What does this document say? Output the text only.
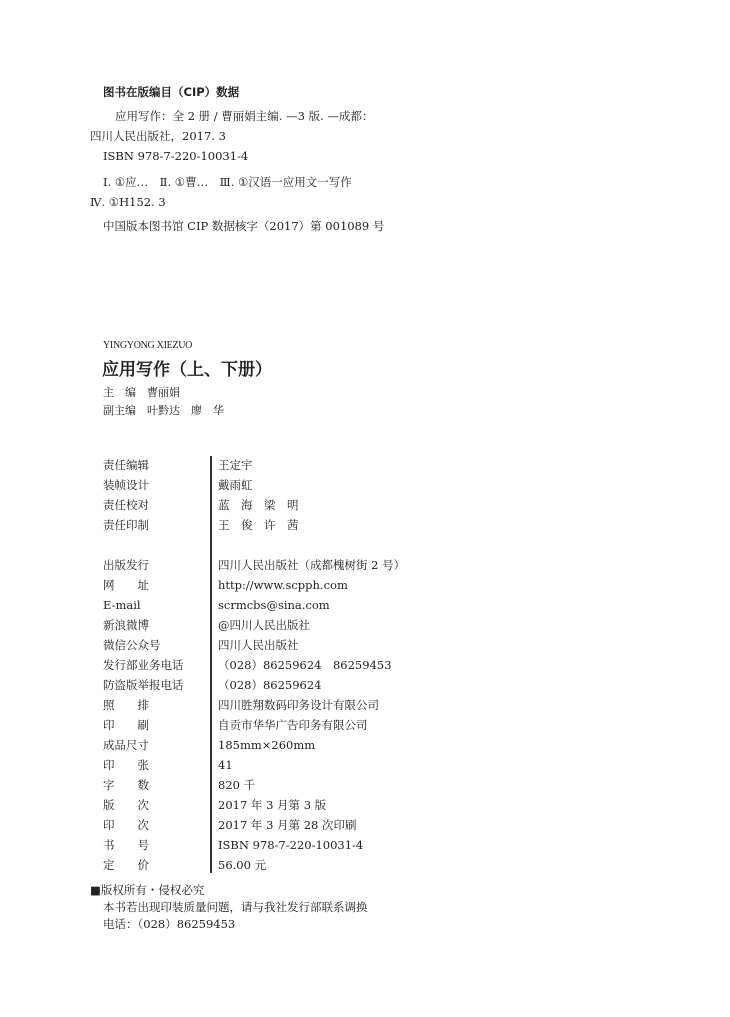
图书在版编目（CIP）数据
应用写作：全 2 册 / 曹丽娟主编. —3 版. —成都：
四川人民出版社，2017. 3
ISBN 978-7-220-10031-4
Ⅰ. ①应…　Ⅱ. ①曹…　Ⅲ. ①汉语一应用文一写作
Ⅳ. ①H152. 3
中国版本图书馆 CIP 数据核字（2017）第 001089 号
YINGYONG XIEZUO
应用写作（上、下册）
主　编　曹丽娟
副主编　叶黔达　廖　华
责任编辑	王定宇
装帧设计	戴雨虹
责任校对	蓝　海　梁　明
责任印制	王　俊　许　茜
出版发行	四川人民出版社（成都槐树街 2 号）
网　　址	http://www.scpph.com
E-mail	scrmcbs@sina.com
新浪微博	@四川人民出版社
微信公众号	四川人民出版社
发行部业务电话	（028）86259624　86259453
防盗版举报电话	（028）86259624
照　　排	四川胜翔数码印务设计有限公司
印　　刷	自贡市华华广告印务有限公司
成品尺寸	185mm×260mm
印　　张	41
字　　数	820 千
版　　次	2017 年 3 月第 3 版
印　　次	2017 年 3 月第 28 次印刷
书　　号	ISBN 978-7-220-10031-4
定　　价	56.00 元
■版权所有・侵权必究
本书若出现印装质量问题，请与我社发行部联系调换
电话：（028）86259453
